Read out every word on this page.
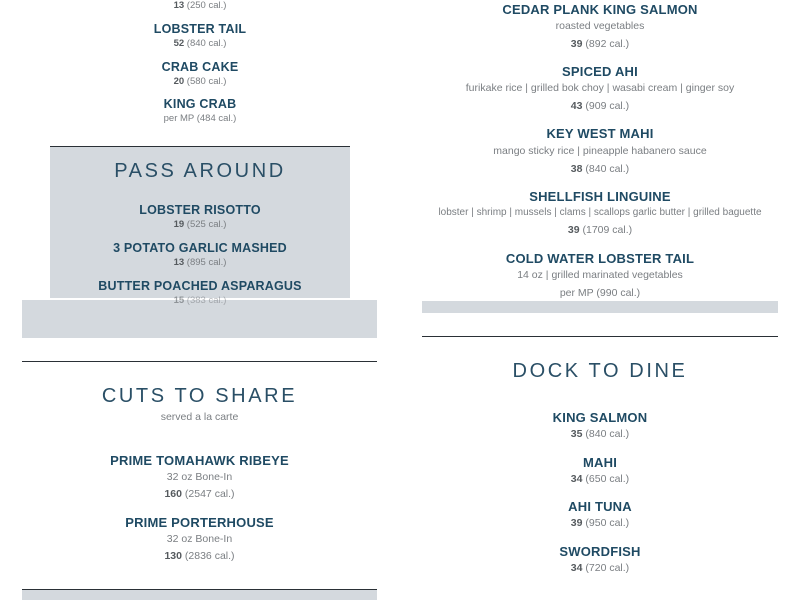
13 (250 cal.)
LOBSTER TAIL
52 (840 cal.)
CRAB CAKE
20 (580 cal.)
KING CRAB
per MP (484 cal.)
PASS AROUND
LOBSTER RISOTTO
19 (525 cal.)
3 POTATO GARLIC MASHED
13 (895 cal.)
BUTTER POACHED ASPARAGUS
15 (383 cal.)
CUTS TO SHARE
served a la carte
PRIME TOMAHAWK RIBEYE
32 oz Bone-In
160 (2547 cal.)
PRIME PORTERHOUSE
32 oz Bone-In
130 (2836 cal.)
CEDAR PLANK KING SALMON
roasted vegetables
39 (892 cal.)
SPICED AHI
furikake rice | grilled bok choy | wasabi cream | ginger soy
43 (909 cal.)
KEY WEST MAHI
mango sticky rice | pineapple habanero sauce
38 (840 cal.)
SHELLFISH LINGUINE
lobster | shrimp | mussels | clams | scallops garlic butter | grilled baguette
39 (1709 cal.)
COLD WATER LOBSTER TAIL
14 oz | grilled marinated vegetables
per MP (990 cal.)
DOCK TO DINE
KING SALMON
35 (840 cal.)
MAHI
34 (650 cal.)
AHI TUNA
39 (950 cal.)
SWORDFISH
34 (720 cal.)
